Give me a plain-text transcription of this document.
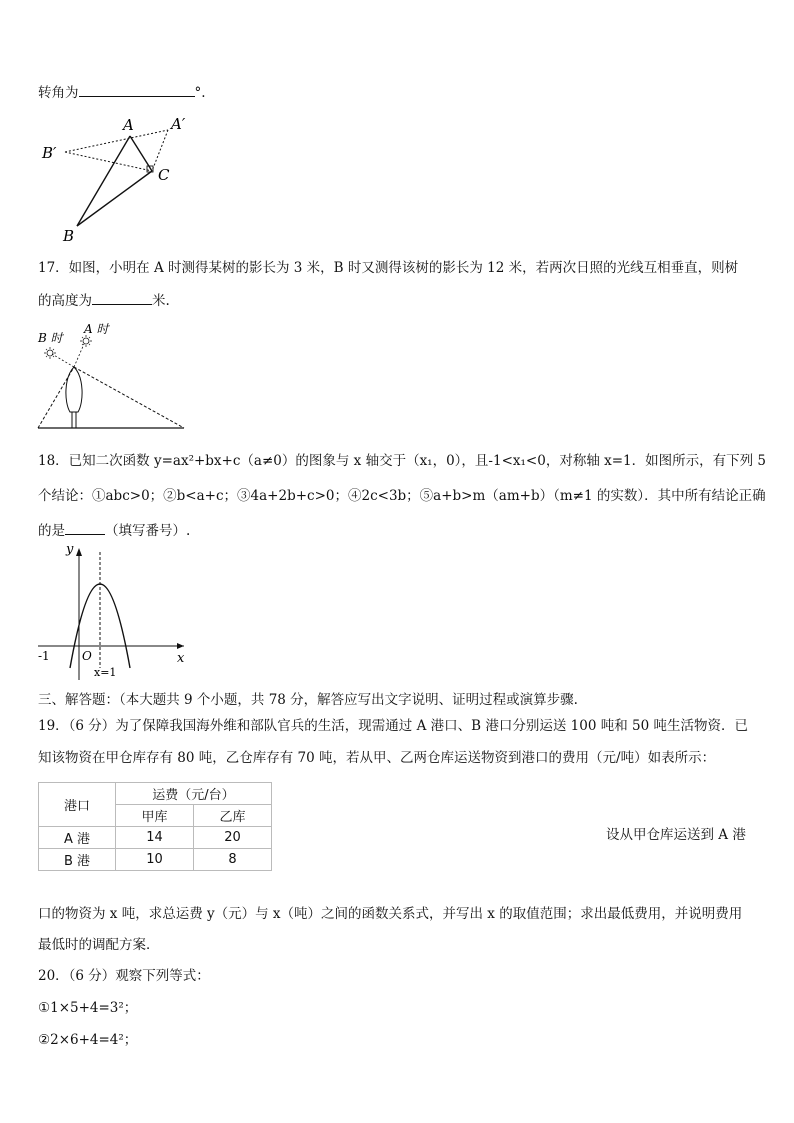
转角为	°.
A A′
B′
C
B
17．如图，小明在 A 时测得某树的影长为 3 米，B 时又测得该树的影长为 12 米，若两次日照的光线互相垂直，则树
的高度为	米.
B 时
A 时
18．已知二次函数 y=ax²+bx+c（a≠0）的图象与 x 轴交于（x₁，0），且-1<x₁<0，对称轴 x=1．如图所示，有下列 5
个结论：①abc>0；②b<a+c；③4a+2b+c>0；④2c<3b；⑤a+b>m（am+b）（m≠1 的实数）．其中所有结论正确
的是	（填写番号）.
y
x
O
-1
x=1
三、解答题：（本大题共 9 个小题，共 78 分，解答应写出文字说明、证明过程或演算步骤.
19．（6 分）为了保障我国海外维和部队官兵的生活，现需通过 A 港口、B 港口分别运送 100 吨和 50 吨生活物资．已
知该物资在甲仓库存有 80 吨，乙仓库存有 70 吨，若从甲、乙两仓库运送物资到港口的费用（元/吨）如表所示：
港口	运费（元/台）	
	甲库	乙库
A 港	14	20
B 港	10	8
设从甲仓库运送到 A 港
口的物资为 x 吨，求总运费 y（元）与 x（吨）之间的函数关系式，并写出 x 的取值范围；求出最低费用，并说明费用
最低时的调配方案．
20．（6 分）观察下列等式：
①1×5+4=3²；
②2×6+4=4²；
